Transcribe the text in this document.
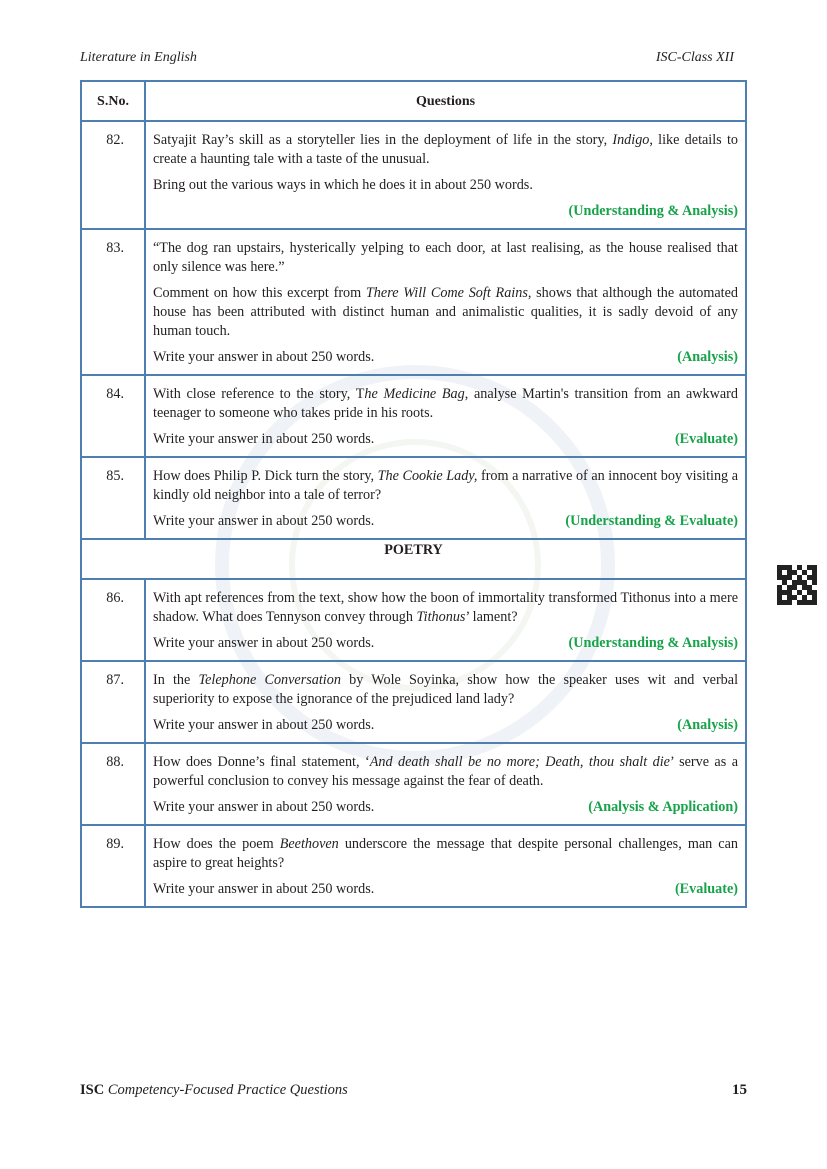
Literature in English	ISC-Class XII
S.No.	Questions
82.	Satyajit Ray’s skill as a storyteller lies in the deployment of life in the story, Indigo, like details to create a haunting tale with a taste of the unusual.

Bring out the various ways in which he does it in about 250 words.

(Understanding & Analysis)

83.	“The dog ran upstairs, hysterically yelping to each door, at last realising, as the house realised that only silence was here.”

Comment on how this excerpt from There Will Come Soft Rains, shows that although the automated house has been attributed with distinct human and animalistic qualities, it is sadly devoid of any human touch.

Write your answer in about 250 words. (Analysis)

84.	With close reference to the story, The Medicine Bag, analyse Martin's transition from an awkward teenager to someone who takes pride in his roots.

Write your answer in about 250 words. (Evaluate)

85.	How does Philip P. Dick turn the story, The Cookie Lady, from a narrative of an innocent boy visiting a kindly old neighbor into a tale of terror?

Write your answer in about 250 words. (Understanding & Evaluate)

POETRY	
86.	With apt references from the text, show how the boon of immortality transformed Tithonus into a mere shadow. What does Tennyson convey through Tithonus’ lament?

Write your answer in about 250 words. (Understanding & Analysis)

87.	In the Telephone Conversation by Wole Soyinka, show how the speaker uses wit and verbal superiority to expose the ignorance of the prejudiced land lady?

Write your answer in about 250 words. (Analysis)

88.	How does Donne’s final statement, ‘And death shall be no more; Death, thou shalt die’ serve as a powerful conclusion to convey his message against the fear of death.

Write your answer in about 250 words. (Analysis & Application)

89.	How does the poem Beethoven underscore the message that despite personal challenges, man can aspire to great heights?

Write your answer in about 250 words. (Evaluate)
ISC Competency-Focused Practice Questions	15
